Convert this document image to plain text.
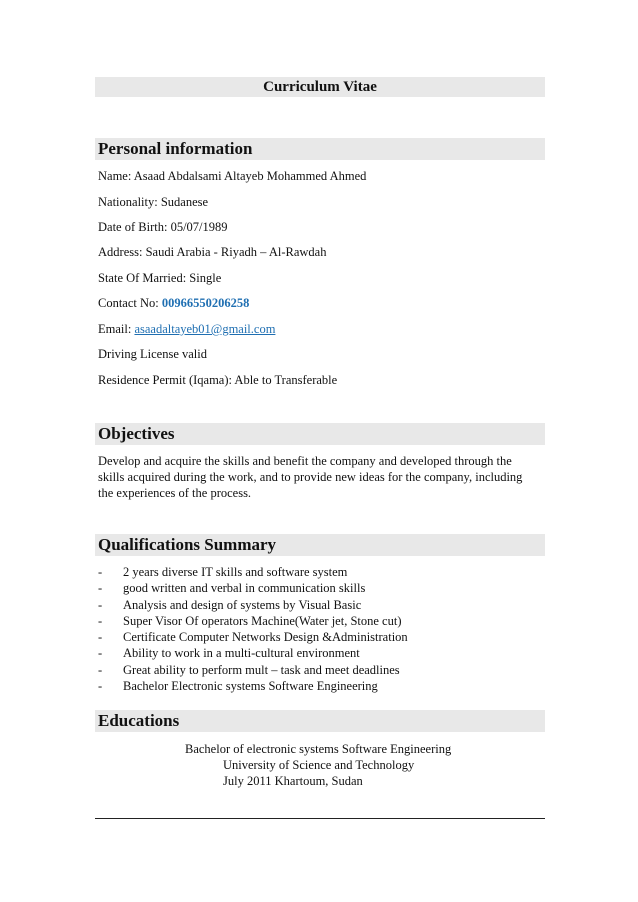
Curriculum Vitae
Personal information
Name: Asaad Abdalsami Altayeb Mohammed Ahmed
Nationality: Sudanese
Date of Birth: 05/07/1989
Address: Saudi Arabia - Riyadh – Al-Rawdah
State Of Married: Single
Contact No: 00966550206258
Email: asaadaltayeb01@gmail.com
Driving License valid
Residence Permit (Iqama): Able to Transferable
Objectives
Develop and acquire the skills and benefit the company and developed through the skills acquired during the work, and to provide new ideas for the company, including the experiences of the process.
Qualifications Summary
- 2 years diverse IT skills and software system
- good written and verbal in communication skills
- Analysis and design of systems by Visual Basic
- Super Visor Of operators Machine(Water jet, Stone cut)
- Certificate Computer Networks Design &Administration
- Ability to work in a multi-cultural environment
- Great ability to perform mult – task and meet deadlines
- Bachelor Electronic systems Software Engineering
Educations
Bachelor of electronic systems Software Engineering
University of Science and Technology
July 2011 Khartoum, Sudan
